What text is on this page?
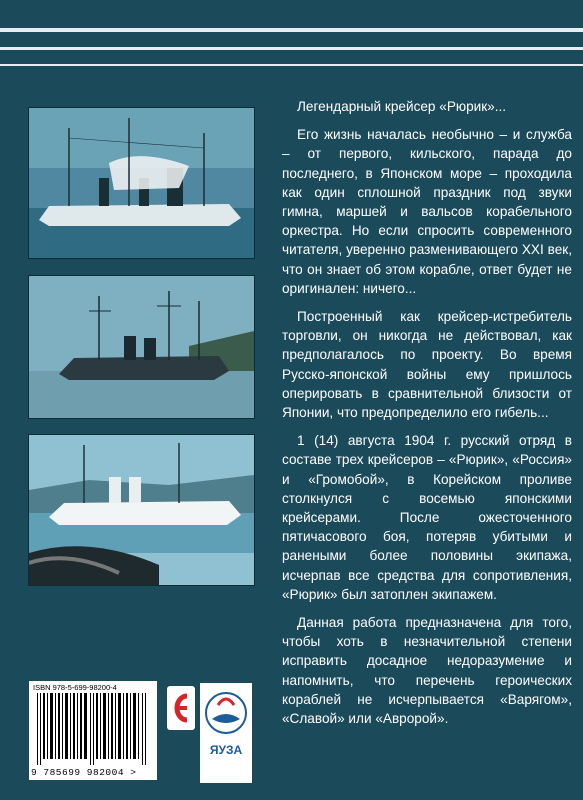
Легендарный крейсер «Рюрик»...

Его жизнь началась необычно – и служба – от первого, кильского, парада до последнего, в Японском море – проходила как один сплошной праздник под звуки гимна, маршей и вальсов корабельного оркестра. Но если спросить современного читателя, уверенно разменивающего XXI век, что он знает об этом корабле, ответ будет не оригинален: ничего...

Построенный как крейсер-истребитель торговли, он никогда не действовал, как предполагалось по проекту. Во время Русско-японской войны ему пришлось оперировать в сравнительной близости от Японии, что предопределило его гибель...

1 (14) августа 1904 г. русский отряд в составе трех крейсеров – «Рюрик», «Россия» и «Громобой», в Корейском проливе столкнулся с восемью японскими крейсерами. После ожесточенного пятичасового боя, потеряв убитыми и ранеными более половины экипажа, исчерпав все средства для сопротивления, «Рюрик» был затоплен экипажем.

Данная работа предназначена для того, чтобы хоть в незначительной степени исправить досадное недоразумение и напомнить, что перечень героических кораблей не исчерпывается «Варягом», «Славой» или «Авророй».

ISBN 978-5-699-98200-4
9 785699 982004 >
ЯУЗА
